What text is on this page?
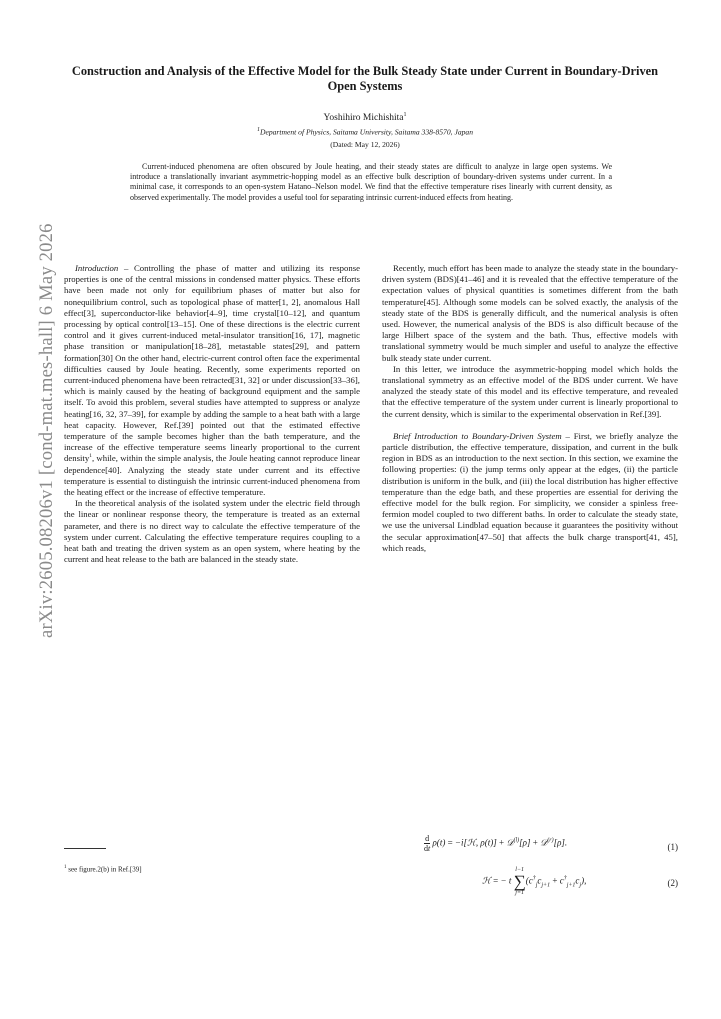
arXiv:2605.08206v1 [cond-mat.mes-hall] 6 May 2026
Construction and Analysis of the Effective Model for the Bulk Steady State under Current in Boundary-Driven Open Systems
Yoshihiro Michishita$^1$
$^1$Department of Physics, Saitama University, Saitama 338-8570, Japan
(Dated: May 12, 2026)
Current-induced phenomena are often obscured by Joule heating, and their steady states are difficult to analyze in large open systems. We introduce a translationally invariant asymmetric-hopping model as an effective bulk description of boundary-driven systems under current. In a minimal case, it corresponds to an open-system Hatano–Nelson model. We find that the effective temperature rises linearly with current density, as observed experimentally. The model provides a useful tool for separating intrinsic current-induced effects from heating.

Introduction – Controlling the phase of matter and utilizing its response properties is one of the central missions in condensed matter physics. These efforts have been made not only for equilibrium phases of matter but also for nonequilibrium control, such as topological phase of matter[1, 2], anomalous Hall effect[3], superconductor-like behavior[4–9], time crystal[10–12], and quantum processing by optical control[13–15]. One of these directions is the electric current control and it gives current-induced metal-insulator transition[16, 17], magnetic phase transition or manipulation[18–28], metastable states[29], and pattern formation[30] On the other hand, electric-current control often face the experimental difficulties caused by Joule heating. Recently, some experiments reported on current-induced phenomena have been retracted[31, 32] or under discussion[33–36], which is mainly caused by the heating of background equipment and the sample itself. To avoid this problem, several studies have attempted to suppress or analyze heating[16, 32, 37–39], for example by adding the sample to a heat bath with a large heat capacity. However, Ref.[39] pointed out that the estimated effective temperature of the sample becomes higher than the bath temperature, and the increase of the effective temperature seems linearly proportional to the current density$^1$, while, within the simple analysis, the Joule heating cannot reproduce linear dependence[40]. Analyzing the steady state under current and its effective temperature is essential to distinguish the intrinsic current-induced phenomena from the heating effect or the increase of effective temperature.

In the theoretical analysis of the isolated system under the electric field through the linear or nonlinear response theory, the temperature is treated as an external parameter, and there is no direct way to calculate the effective temperature of the system under current. Calculating the effective temperature requires coupling to a heat bath and treating the driven system as an open system, where heating by the current and heat release to the bath are balanced in the steady state.

$^1$ see figure.2(b) in Ref.[39]

Recently, much effort has been made to analyze the steady state in the boundary-driven system (BDS)[41–46] and it is revealed that the effective temperature of the expectation values of physical quantities is sometimes different from the bath temperature[45]. Although some models can be solved exactly, the analysis of the steady state of the BDS is generally difficult, and the numerical analysis is often used. However, the numerical analysis of the BDS is also difficult because of the large Hilbert space of the system and the bath. Thus, effective models with translational symmetry would be much simpler and useful to analyze the effective bulk steady state under current.

In this letter, we introduce the asymmetric-hopping model which holds the translational symmetry as an effective model of the BDS under current. We have analyzed the steady state of this model and its effective temperature, and revealed that the effective temperature of the system under current is linearly proportional to the current density, which is similar to the experimental observation in Ref.[39].

Brief Introduction to Boundary-Driven System – First, we briefly analyze the particle distribution, the effective temperature, dissipation, and current in the bulk region in BDS as an introduction to the next section. In this section, we examine the following properties: (i) the jump terms only appear at the edges, (ii) the particle distribution is uniform in the bulk, and (iii) the local distribution has higher effective temperature than the edge bath, and these properties are essential for deriving the effective model for the bulk region. For simplicity, we consider a spinless free-fermion model coupled to two different baths. In order to calculate the steady state, we use the universal Lindblad equation because it guarantees the positivity without the secular approximation[47–50] that affects the bulk charge transport[41, 45], which reads,

$\frac{d}{dt} \rho(t)$ = −i[ℋ, ρ(t)] + 𝒟$^{(l)}$[ρ] + 𝒟$^{(r)}$[ρ].	(1)
ℋ = − t
l−1
∑
j=1
$(c^\dagger_jc_{j+1} + c^\dagger_{j+1}c_j)$,	(2)
